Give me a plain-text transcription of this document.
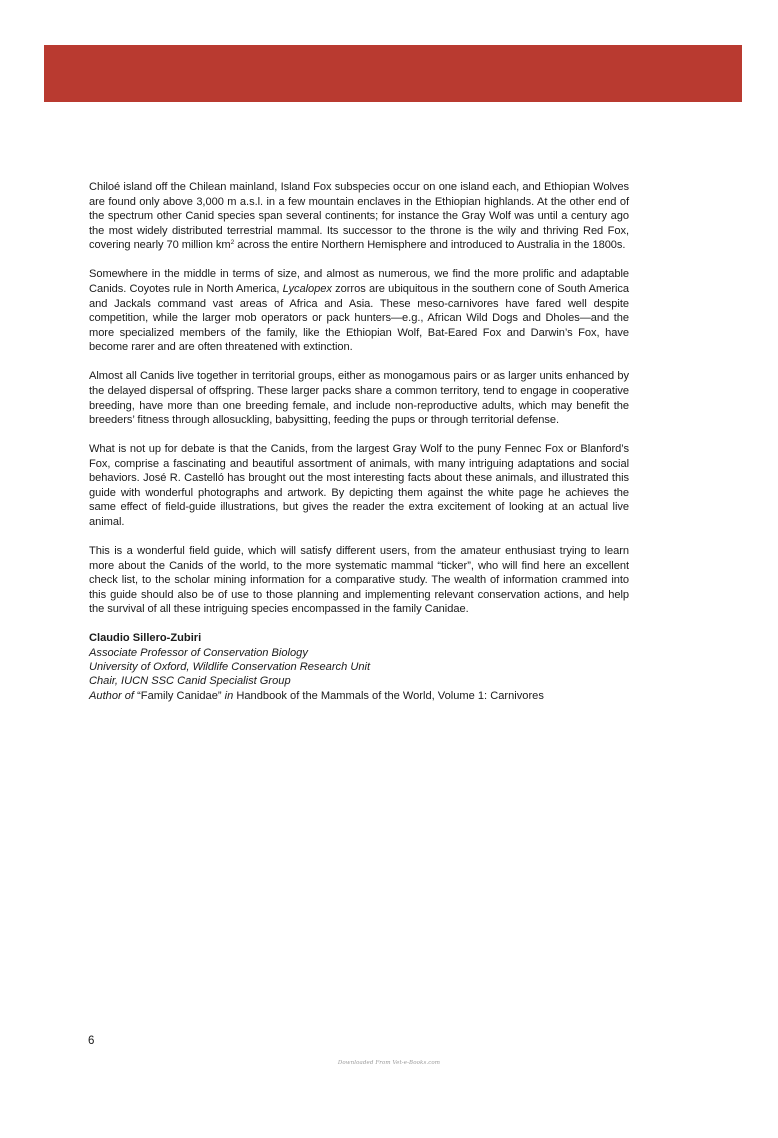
Chiloé island off the Chilean mainland, Island Fox subspecies occur on one island each, and Ethiopian Wolves are found only above 3,000 m a.s.l. in a few mountain enclaves in the Ethiopian highlands. At the other end of the spectrum other Canid species span several continents; for instance the Gray Wolf was until a century ago the most widely distributed terrestrial mammal. Its successor to the throne is the wily and thriving Red Fox, covering nearly 70 million $km^2$ across the entire Northern Hemisphere and introduced to Australia in the 1800s.

Somewhere in the middle in terms of size, and almost as numerous, we find the more prolific and adaptable Canids. Coyotes rule in North America, Lycalopex zorros are ubiquitous in the southern cone of South America and Jackals command vast areas of Africa and Asia. These meso-carnivores have fared well despite competition, while the larger mob operators or pack hunters—e.g., African Wild Dogs and Dholes—and the more specialized members of the family, like the Ethiopian Wolf, Bat-Eared Fox and Darwin’s Fox, have become rarer and are often threatened with extinction.

Almost all Canids live together in territorial groups, either as monogamous pairs or as larger units enhanced by the delayed dispersal of offspring. These larger packs share a common territory, tend to engage in cooperative breeding, have more than one breeding female, and include non-reproductive adults, which may benefit the breeders’ fitness through allosuckling, babysitting, feeding the pups or through territorial defense.

What is not up for debate is that the Canids, from the largest Gray Wolf to the puny Fennec Fox or Blanford’s Fox, comprise a fascinating and beautiful assortment of animals, with many intriguing adaptations and social behaviors. José R. Castelló has brought out the most interesting facts about these animals, and illustrated this guide with wonderful photographs and artwork. By depicting them against the white page he achieves the same effect of field-guide illustrations, but gives the reader the extra excitement of looking at an actual live animal.

This is a wonderful field guide, which will satisfy different users, from the amateur enthusiast trying to learn more about the Canids of the world, to the more systematic mammal “ticker”, who will find here an excellent check list, to the scholar mining information for a comparative study. The wealth of information crammed into this guide should also be of use to those planning and implementing relevant conservation actions, and help the survival of all these intriguing species encompassed in the family Canidae.

Claudio Sillero-Zubiri
Associate Professor of Conservation Biology
University of Oxford, Wildlife Conservation Research Unit
Chair, IUCN SSC Canid Specialist Group
Author of “Family Canidae” in Handbook of the Mammals of the World, Volume 1: Carnivores
6
Downloaded From Vet-e-Books.com
